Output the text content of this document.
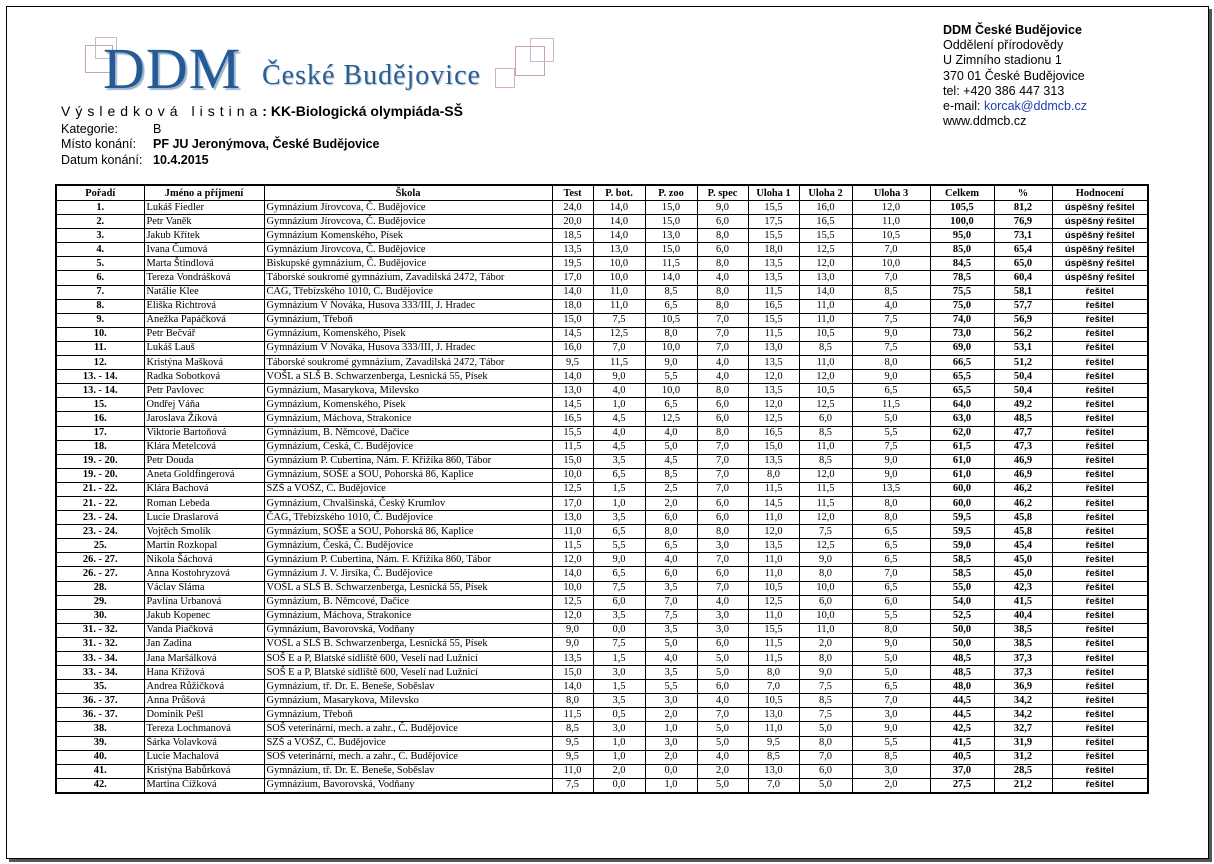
DDM České Budějovice
DDM České Budějovice
Oddělení přírodovědy
U Zimního stadionu 1
370 01 České Budějovice
tel: +420 386 447 313
e-mail: korcak@ddmcb.cz
www.ddmcb.cz
Výsledková listina: KK-Biologická olympiáda-SŠ
Kategorie:	B
Místo konání: PF JU Jeronýmova, České Budějovice
Datum konání: 10.4.2015
Pořadí	Jméno a příjmení	Škola	Test	P. bot.	P. zoo	P. spec	Uloha 1	Uloha 2	Uloha 3	Celkem	%	Hodnocení
1.	Lukáš Fiedler	Gymnázium Jírovcova, Č. Budějovice	24,0	14,0	15,0	9,0	15,5	16,0	12,0	105,5	81,2	úspěšný řešitel
2.	Petr Vaněk	Gymnázium Jírovcova, Č. Budějovice	20,0	14,0	15,0	6,0	17,5	16,5	11,0	100,0	76,9	úspěšný řešitel
3.	Jakub Křítek	Gymnázium Komenského, Písek	18,5	14,0	13,0	8,0	15,5	15,5	10,5	95,0	73,1	úspěšný řešitel
4.	Ivana Čumová	Gymnázium Jírovcova, Č. Budějovice	13,5	13,0	15,0	6,0	18,0	12,5	7,0	85,0	65,4	úspěšný řešitel
5.	Marta Štindlová	Biskupské gymnázium, Č. Budějovice	19,5	10,0	11,5	8,0	13,5	12,0	10,0	84,5	65,0	úspěšný řešitel
6.	Tereza Vondrášková	Táborské soukromé gymnázium, Zavadilská 2472, Tábor	17,0	10,0	14,0	4,0	13,5	13,0	7,0	78,5	60,4	úspěšný řešitel
7.	Natálie Klee	ČAG, Třebízského 1010, Č. Budějovice	14,0	11,0	8,5	8,0	11,5	14,0	8,5	75,5	58,1	řešitel
8.	Eliška Richtrová	Gymnázium V Nováka, Husova 333/III, J. Hradec	18,0	11,0	6,5	8,0	16,5	11,0	4,0	75,0	57,7	řešitel
9.	Anežka Papáčková	Gymnázium, Třeboň	15,0	7,5	10,5	7,0	15,5	11,0	7,5	74,0	56,9	řešitel
10.	Petr Bečvář	Gymnázium, Komenského, Písek	14,5	12,5	8,0	7,0	11,5	10,5	9,0	73,0	56,2	řešitel
11.	Lukáš Lauš	Gymnázium V Nováka, Husova 333/III, J. Hradec	16,0	7,0	10,0	7,0	13,0	8,5	7,5	69,0	53,1	řešitel
12.	Kristýna Mašková	Táborské soukromé gymnázium, Zavadilská 2472, Tábor	9,5	11,5	9,0	4,0	13,5	11,0	8,0	66,5	51,2	řešitel
13. - 14.	Radka Sobotková	VOŠL a SLŠ B. Schwarzenberga, Lesnická 55, Písek	14,0	9,0	5,5	4,0	12,0	12,0	9,0	65,5	50,4	řešitel
13. - 14.	Petr Pavlovec	Gymnázium, Masarykova, Milevsko	13,0	4,0	10,0	8,0	13,5	10,5	6,5	65,5	50,4	řešitel
15.	Ondřej Váňa	Gymnázium, Komenského, Písek	14,5	1,0	6,5	6,0	12,0	12,5	11,5	64,0	49,2	řešitel
16.	Jaroslava Žíková	Gymnázium, Máchova, Strakonice	16,5	4,5	12,5	6,0	12,5	6,0	5,0	63,0	48,5	řešitel
17.	Viktorie Bartoňová	Gymnázium, B. Němcové, Dačice	15,5	4,0	4,0	8,0	16,5	8,5	5,5	62,0	47,7	řešitel
18.	Klára Metelcová	Gymnázium, Česká, Č. Budějovice	11,5	4,5	5,0	7,0	15,0	11,0	7,5	61,5	47,3	řešitel
19. - 20.	Petr Douda	Gymnázium P. Cubertina, Nám. F. Křižíka 860, Tábor	15,0	3,5	4,5	7,0	13,5	8,5	9,0	61,0	46,9	řešitel
19. - 20.	Aneta Goldfingerová	Gymnázium, SOŠE a SOU, Pohorská 86, Kaplice	10,0	6,5	8,5	7,0	8,0	12,0	9,0	61,0	46,9	řešitel
21. - 22.	Klára Bachová	SZŠ a VOŠZ, Č. Budějovice	12,5	1,5	2,5	7,0	11,5	11,5	13,5	60,0	46,2	řešitel
21. - 22.	Roman Lebeda	Gymnázium, Chvalšinská, Český Krumlov	17,0	1,0	2,0	6,0	14,5	11,5	8,0	60,0	46,2	řešitel
23. - 24.	Lucie Draslarová	ČAG, Třebízského 1010, Č. Budějovice	13,0	3,5	6,0	6,0	11,0	12,0	8,0	59,5	45,8	řešitel
23. - 24.	Vojtěch Smolík	Gymnázium, SOŠE a SOU, Pohorská 86, Kaplice	11,0	6,5	8,0	8,0	12,0	7,5	6,5	59,5	45,8	řešitel
25.	Martin Rozkopal	Gymnázium, Česká, Č. Budějovice	11,5	5,5	6,5	3,0	13,5	12,5	6,5	59,0	45,4	řešitel
26. - 27.	Nikola Šáchová	Gymnázium P. Cubertina, Nám. F. Křižíka 860, Tábor	12,0	9,0	4,0	7,0	11,0	9,0	6,5	58,5	45,0	řešitel
26. - 27.	Anna Kostohryzová	Gymnázium J. V. Jirsíka, Č. Budějovice	14,0	6,5	6,0	6,0	11,0	8,0	7,0	58,5	45,0	řešitel
28.	Václav Sláma	VOŠL a SLŠ B. Schwarzenberga, Lesnická 55, Písek	10,0	7,5	3,5	7,0	10,5	10,0	6,5	55,0	42,3	řešitel
29.	Pavlína Urbanová	Gymnázium, B. Němcové, Dačice	12,5	6,0	7,0	4,0	12,5	6,0	6,0	54,0	41,5	řešitel
30.	Jakub Kopenec	Gymnázium, Máchova, Strakonice	12,0	3,5	7,5	3,0	11,0	10,0	5,5	52,5	40,4	řešitel
31. - 32.	Vanda Piačková	Gymnázium, Bavorovská, Vodňany	9,0	0,0	3,5	3,0	15,5	11,0	8,0	50,0	38,5	řešitel
31. - 32.	Jan Zadina	VOŠL a SLŠ B. Schwarzenberga, Lesnická 55, Písek	9,0	7,5	5,0	6,0	11,5	2,0	9,0	50,0	38,5	řešitel
33. - 34.	Jana Maršálková	SOŠ E a P, Blatské sídliště 600, Veselí nad Lužnicí	13,5	1,5	4,0	5,0	11,5	8,0	5,0	48,5	37,3	řešitel
33. - 34.	Hana Křížová	SOŠ E a P, Blatské sídliště 600, Veselí nad Lužnicí	15,0	3,0	3,5	5,0	8,0	9,0	5,0	48,5	37,3	řešitel
35.	Andrea Růžičková	Gymnázium, tř. Dr. E. Beneše, Soběslav	14,0	1,5	5,5	6,0	7,0	7,5	6,5	48,0	36,9	řešitel
36. - 37.	Anna Průšová	Gymnázium, Masarykova, Milevsko	8,0	3,5	3,0	4,0	10,5	8,5	7,0	44,5	34,2	řešitel
36. - 37.	Dominik Pešl	Gymnázium, Třeboň	11,5	0,5	2,0	7,0	13,0	7,5	3,0	44,5	34,2	řešitel
38.	Tereza Lochmanová	SOŠ veterinární, mech. a zahr., Č. Budějovice	8,5	3,0	1,0	5,0	11,0	5,0	9,0	42,5	32,7	řešitel
39.	Šárka Volavková	SZŠ a VOŠZ, Č. Budějovice	9,5	1,0	3,0	5,0	9,5	8,0	5,5	41,5	31,9	řešitel
40.	Lucie Machalová	SOŠ veterinární, mech. a zahr., Č. Budějovice	9,5	1,0	2,0	4,0	8,5	7,0	8,5	40,5	31,2	řešitel
41.	Kristýna Babůrková	Gymnázium, tř. Dr. E. Beneše, Soběslav	11,0	2,0	0,0	2,0	13,0	6,0	3,0	37,0	28,5	řešitel
42.	Martina Čížková	Gymnázium, Bavorovská, Vodňany	7,5	0,0	1,0	5,0	7,0	5,0	2,0	27,5	21,2	řešitel
